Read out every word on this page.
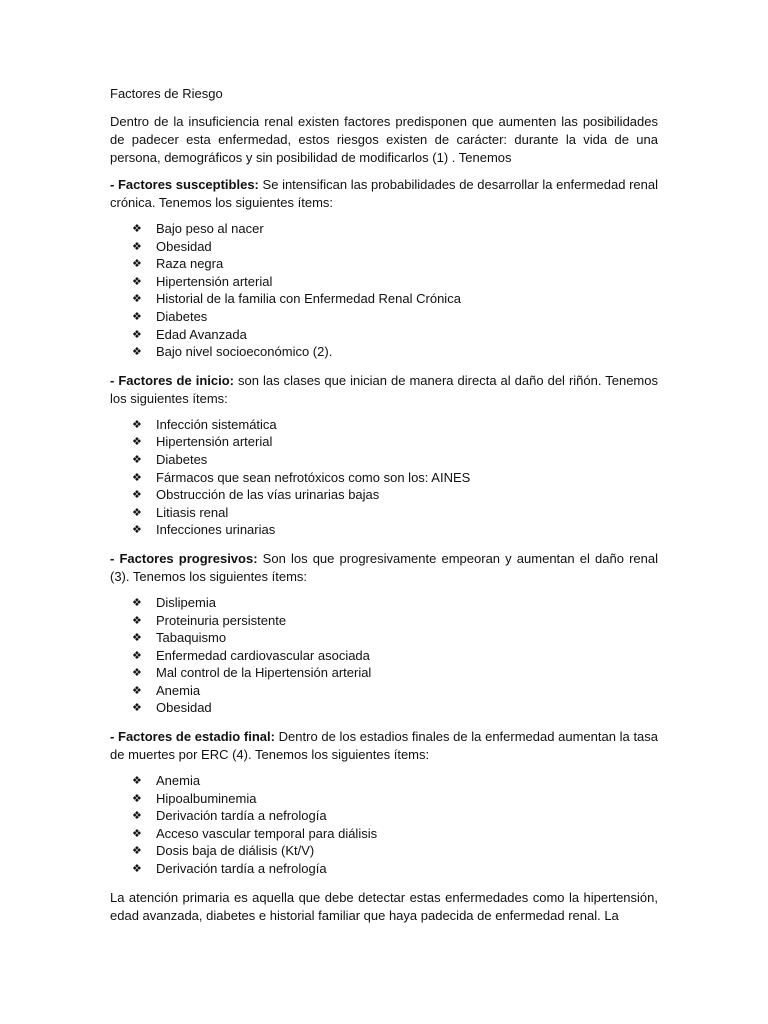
Factores de Riesgo

Dentro de la insuficiencia renal existen factores predisponen que aumenten las posibilidades de padecer esta enfermedad, estos riesgos existen de carácter: durante la vida de una persona, demográficos y sin posibilidad de modificarlos (1) . Tenemos

- Factores susceptibles: Se intensifican las probabilidades de desarrollar la enfermedad renal crónica. Tenemos los siguientes ítems:

❖ Bajo peso al nacer
❖ Obesidad
❖ Raza negra
❖ Hipertensión arterial
❖ Historial de la familia con Enfermedad Renal Crónica
❖ Diabetes
❖ Edad Avanzada
❖ Bajo nivel socioeconómico (2).

- Factores de inicio: son las clases que inician de manera directa al daño del riñón. Tenemos los siguientes ítems:

❖ Infección sistemática
❖ Hipertensión arterial
❖ Diabetes
❖ Fármacos que sean nefrotóxicos como son los: AINES
❖ Obstrucción de las vías urinarias bajas
❖ Litiasis renal
❖ Infecciones urinarias

- Factores progresivos: Son los que progresivamente empeoran y aumentan el daño renal (3). Tenemos los siguientes ítems:

❖ Dislipemia
❖ Proteinuria persistente
❖ Tabaquismo
❖ Enfermedad cardiovascular asociada
❖ Mal control de la Hipertensión arterial
❖ Anemia
❖ Obesidad

- Factores de estadio final: Dentro de los estadios finales de la enfermedad aumentan la tasa de muertes por ERC (4). Tenemos los siguientes ítems:

❖ Anemia
❖ Hipoalbuminemia
❖ Derivación tardía a nefrología
❖ Acceso vascular temporal para diálisis
❖ Dosis baja de diálisis (Kt/V)
❖ Derivación tardía a nefrología

La atención primaria es aquella que debe detectar estas enfermedades como la hipertensión, edad avanzada, diabetes e historial familiar que haya padecida de enfermedad renal. La
